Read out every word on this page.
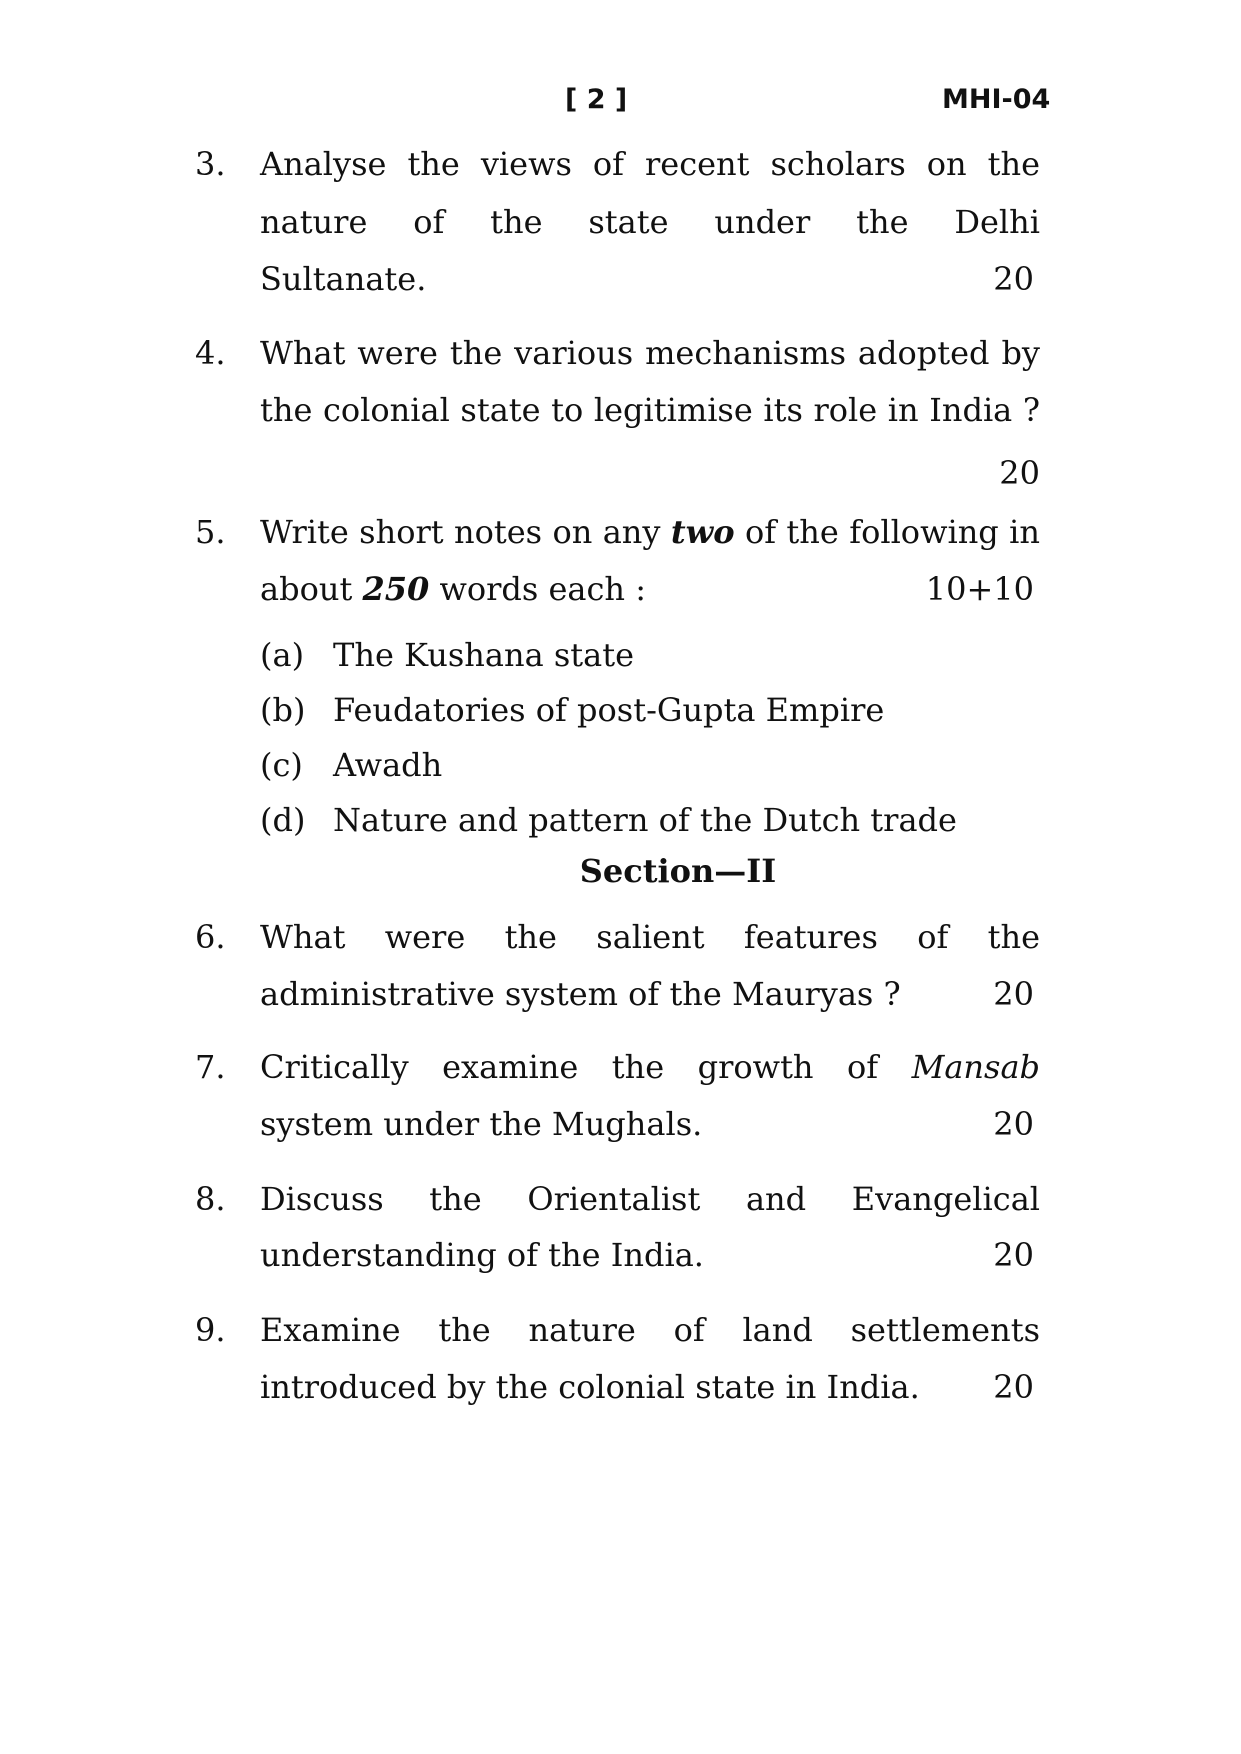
[ 2 ]	MHI-04
3. Analyse the views of recent scholars on the
nature of the state under the Delhi
Sultanate.	20
4. What were the various mechanisms adopted by
the colonial state to legitimise its role in India ?
20
5. Write short notes on any two of the following in
about 250 words each :	10+10
(a) The Kushana state
(b) Feudatories of post-Gupta Empire
(c) Awadh
(d) Nature and pattern of the Dutch trade
Section—II
6. What were the salient features of the
administrative system of the Mauryas ?	20
7. Critically examine the growth of Mansab
system under the Mughals.	20
8. Discuss the Orientalist and Evangelical
understanding of the India.	20
9. Examine the nature of land settlements
introduced by the colonial state in India.	20
